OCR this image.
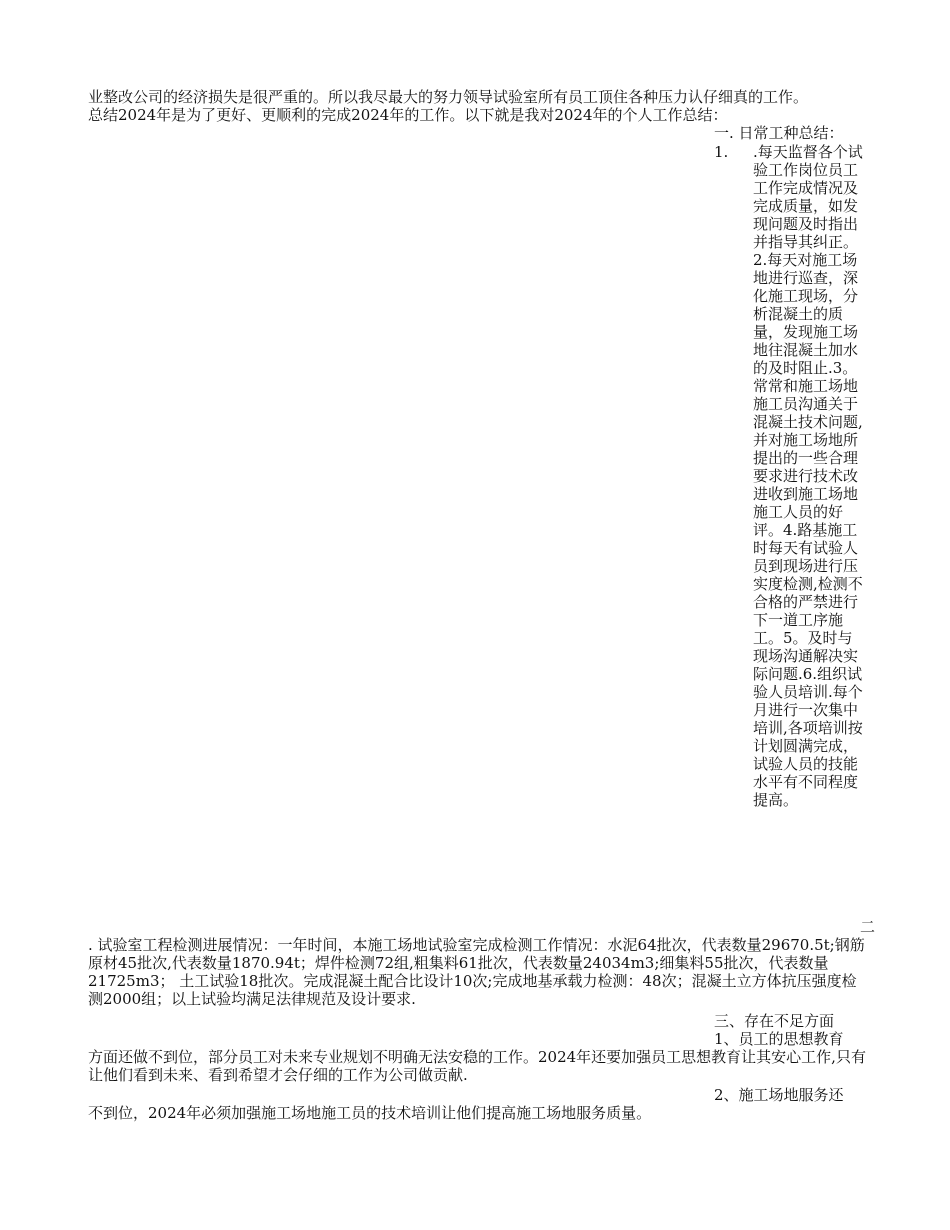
业整改公司的经济损失是很严重的。所以我尽最大的努力领导试验室所有员工顶住各种压力认仔细真的工作。
总结2024年是为了更好、更顺利的完成2024年的工作。以下就是我对2024年的个人工作总结：
一. 日常工种总结：
1. .每天监督各个试验工作岗位员工工作完成情况及完成质量，如发现问题及时指出并指导其纠正。2.每天对施工场地进行巡查，深化施工现场，分析混凝土的质量，发现施工场地往混凝土加水的及时阻止.3。常常和施工场地施工员沟通关于混凝土技术问题,并对施工场地所提出的一些合理要求进行技术改进收到施工场地施工人员的好评。4.路基施工时每天有试验人员到现场进行压实度检测,检测不合格的严禁进行下一道工序施工。5。及时与现场沟通解决实际问题.6.组织试验人员培训.每个月进行一次集中培训,各项培训按计划圆满完成，试验人员的技能水平有不同程度提高。
二
. 试验室工程检测进展情况：一年时间，本施工场地试验室完成检测工作情况：水泥64批次，代表数量29670.5t;钢筋原材45批次,代表数量1870.94t；焊件检测72组,粗集料61批次，代表数量24034m3;细集料55批次，代表数量21725m3； 土工试验18批次。完成混凝土配合比设计10次;完成地基承载力检测：48次；混凝土立方体抗压强度检测2000组；以上试验均满足法律规范及设计要求.
三、存在不足方面
1、员工的思想教育
方面还做不到位，部分员工对未来专业规划不明确无法安稳的工作。2024年还要加强员工思想教育让其安心工作,只有让他们看到未来、看到希望才会仔细的工作为公司做贡献.
2、施工场地服务还
不到位，2024年必须加强施工场地施工员的技术培训让他们提高施工场地服务质量。
